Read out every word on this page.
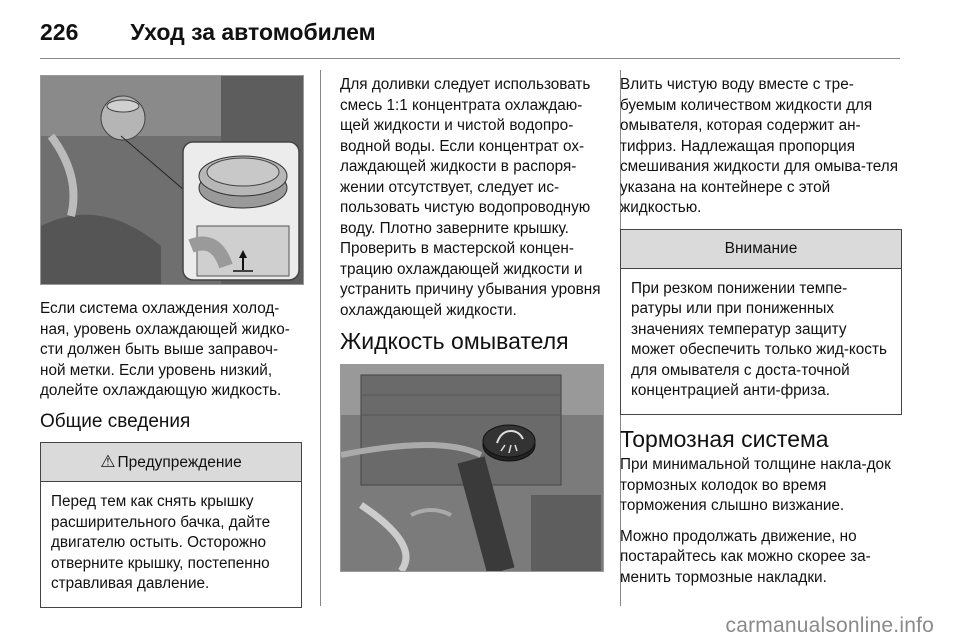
226 Уход за автомобилем

Если система охлаждения холод-ная, уровень охлаждающей жидко-сти должен быть выше заправоч-ной метки. Если уровень низкий, долейте охлаждающую жидкость.

Общие сведения
⚠ Предупреждение
Перед тем как снять крышку расширительного бачка, дайте двигателю остыть. Осторожно отверните крышку, постепенно стравливая давление.

Для доливки следует использовать смесь 1:1 концентрата охлаждаю-щей жидкости и чистой водопро-водной воды. Если концентрат ох-лаждающей жидкости в распоря-жении отсутствует, следует ис-пользовать чистую водопроводную воду. Плотно заверните крышку. Проверить в мастерской концен-трацию охлаждающей жидкости и устранить причину убывания уровня охлаждающей жидкости.

Жидкость омывателя

Влить чистую воду вместе с тре-буемым количеством жидкости для омывателя, которая содержит ан-тифриз. Надлежащая пропорция смешивания жидкости для омыва-теля указана на контейнере с этой жидкостью.

Внимание
При резком понижении темпе-ратуры или при пониженных значениях температур защиту может обеспечить только жид-кость для омывателя с доста-точной концентрацией анти-фриза.
Тормозная система

При минимальной толщине накла-док тормозных колодок во время торможения слышно визжание.

Можно продолжать движение, но постарайтесь как можно скорее за-менить тормозные накладки.

carmanualsonline.info
